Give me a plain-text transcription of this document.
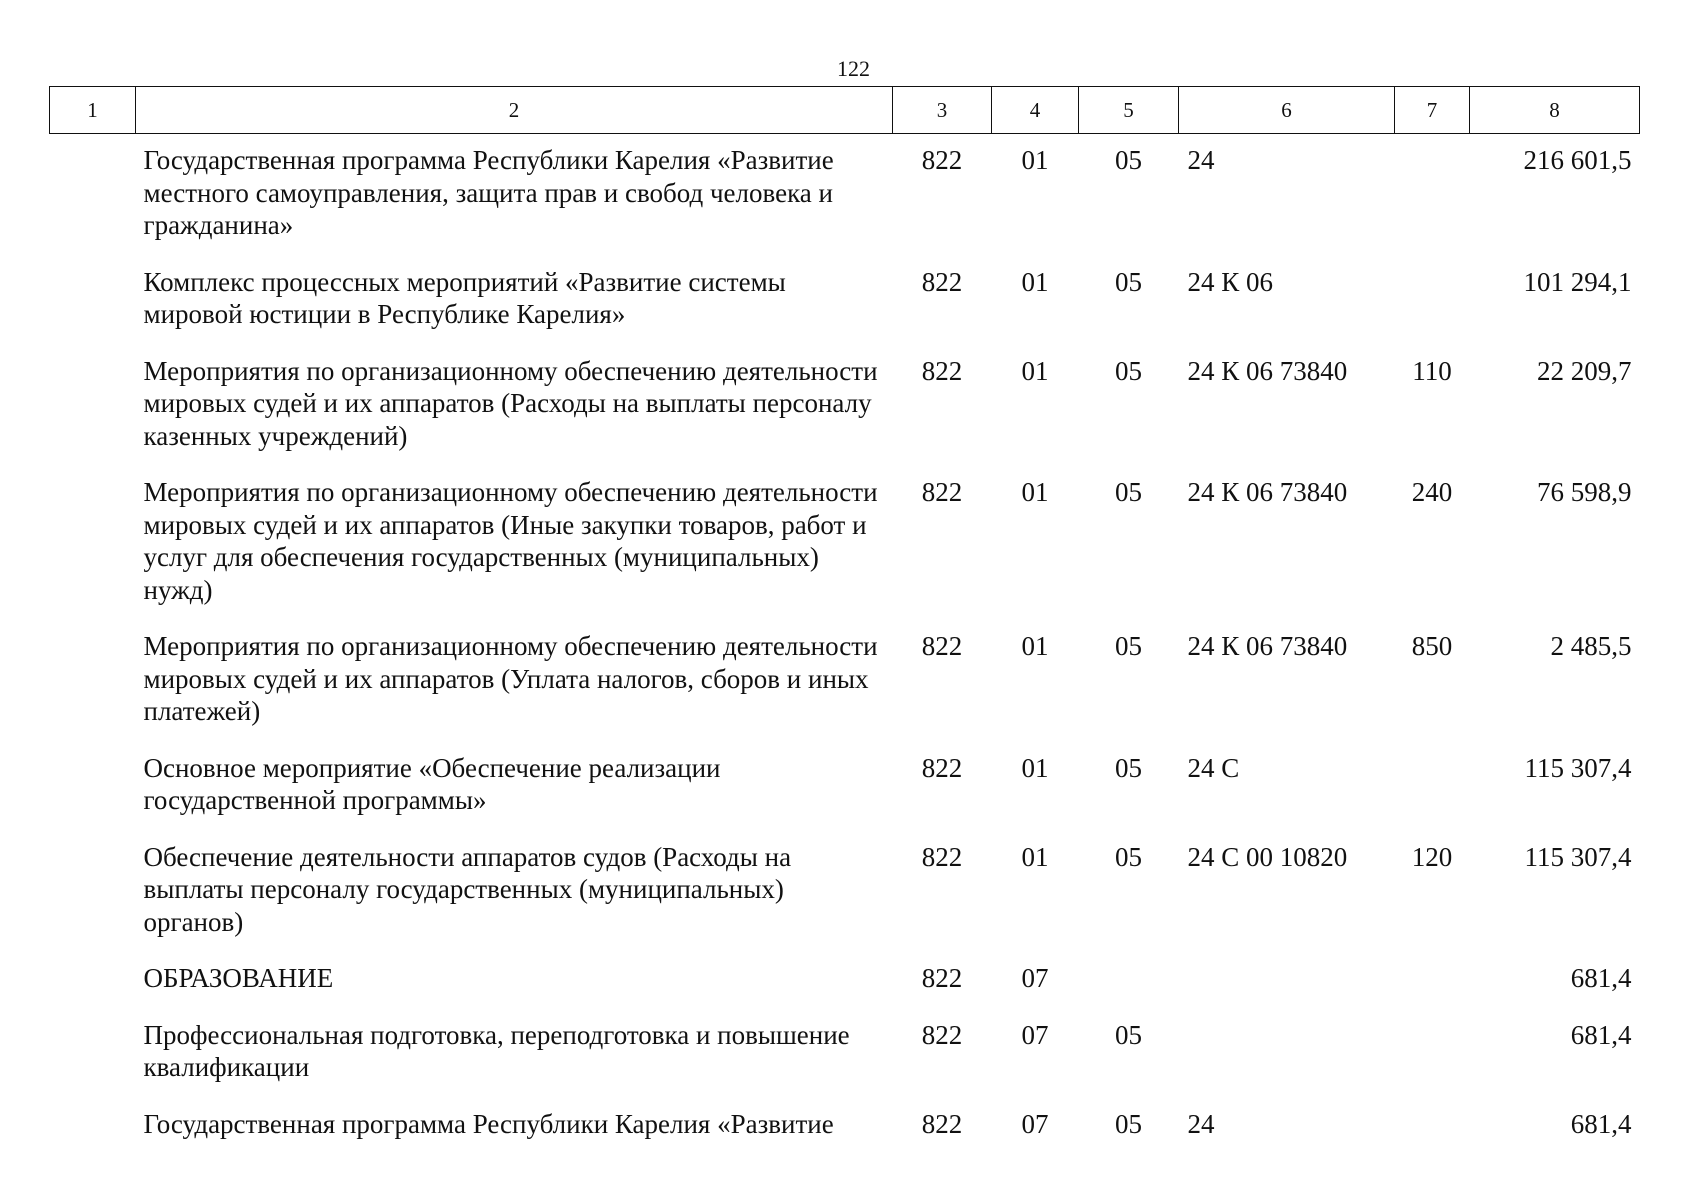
122
1	2	3	4	5	6	7	8
	Государственная программа Республики Карелия «Развитие местного самоуправления, защита прав и свобод человека и гражданина»	822	01	05	24		216 601,5
	Комплекс процессных мероприятий «Развитие системы мировой юстиции в Республике Карелия»	822	01	05	24 К 06		101 294,1
	Мероприятия по организационному обеспечению деятельности мировых судей и их аппаратов (Расходы на выплаты персоналу казенных учреждений)	822	01	05	24 К 06 73840	110	22 209,7
	Мероприятия по организационному обеспечению деятельности мировых судей и их аппаратов (Иные закупки товаров, работ и услуг для обеспечения государственных (муниципальных) нужд)	822	01	05	24 К 06 73840	240	76 598,9
	Мероприятия по организационному обеспечению деятельности мировых судей и их аппаратов (Уплата налогов, сборов и иных платежей)	822	01	05	24 К 06 73840	850	2 485,5
	Основное мероприятие «Обеспечение реализации государственной программы»	822	01	05	24 С		115 307,4
	Обеспечение деятельности аппаратов судов (Расходы на выплаты персоналу государственных (муниципальных) органов)	822	01	05	24 С 00 10820	120	115 307,4
	ОБРАЗОВАНИЕ	822	07				681,4
	Профессиональная подготовка, переподготовка и повышение квалификации	822	07	05			681,4
	Государственная программа Республики Карелия «Развитие	822	07	05	24		681,4
